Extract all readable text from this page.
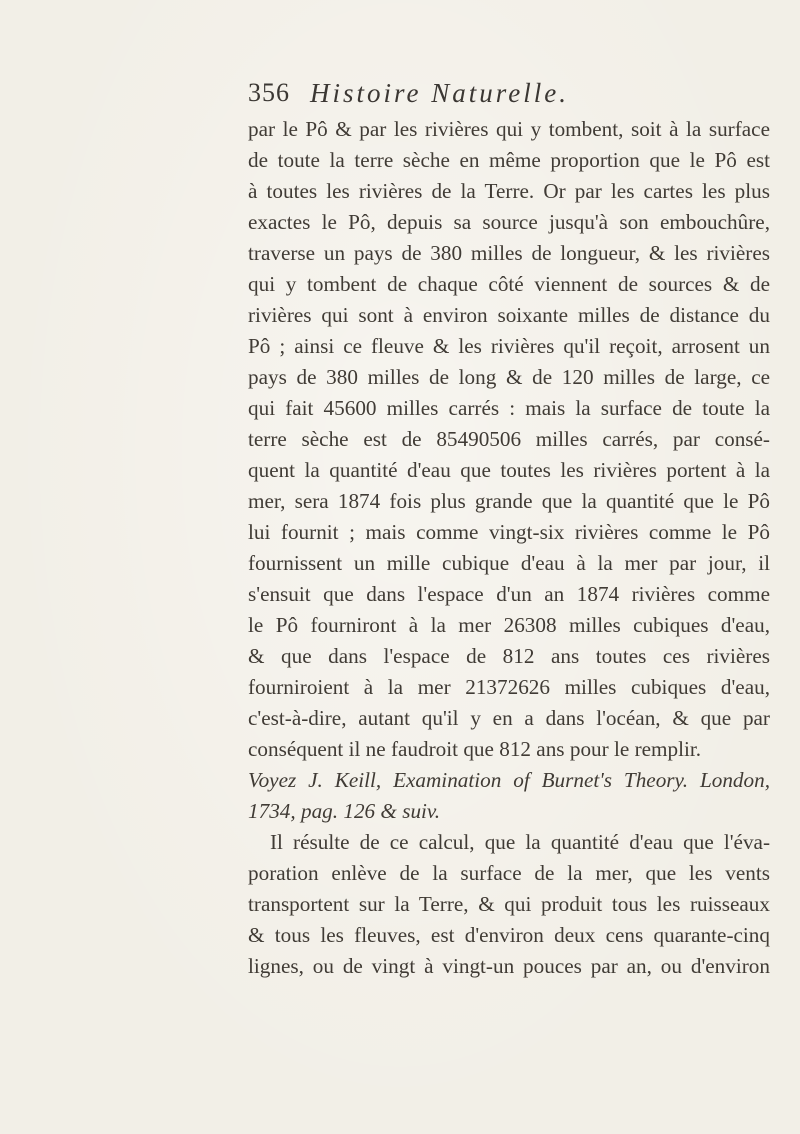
356 Histoire Naturelle.
par le Pô & par les rivières qui y tombent, soit à la surface
de toute la terre sèche en même proportion que le Pô est
à toutes les rivières de la Terre. Or par les cartes les plus
exactes le Pô, depuis sa source jusqu'à son embouchûre,
traverse un pays de 380 milles de longueur, & les rivières
qui y tombent de chaque côté viennent de sources & de
rivières qui sont à environ soixante milles de distance du
Pô ; ainsi ce fleuve & les rivières qu'il reçoit, arrosent un
pays de 380 milles de long & de 120 milles de large, ce
qui fait 45600 milles carrés : mais la surface de toute la
terre sèche est de 85490506 milles carrés, par consé-
quent la quantité d'eau que toutes les rivières portent à la
mer, sera 1874 fois plus grande que la quantité que le Pô
lui fournit ; mais comme vingt-six rivières comme le Pô
fournissent un mille cubique d'eau à la mer par jour, il
s'ensuit que dans l'espace d'un an 1874 rivières comme
le Pô fourniront à la mer 26308 milles cubiques d'eau,
& que dans l'espace de 812 ans toutes ces rivières
fourniroient à la mer 21372626 milles cubiques d'eau,
c'est-à-dire, autant qu'il y en a dans l'océan, & que par
conséquent il ne faudroit que 812 ans pour le remplir.
Voyez J. Keill, Examination of Burnet's Theory. London,
1734, pag. 126 & suiv.
Il résulte de ce calcul, que la quantité d'eau que l'éva-
poration enlève de la surface de la mer, que les vents
transportent sur la Terre, & qui produit tous les ruisseaux
& tous les fleuves, est d'environ deux cens quarante-cinq
lignes, ou de vingt à vingt-un pouces par an, ou d'environ
